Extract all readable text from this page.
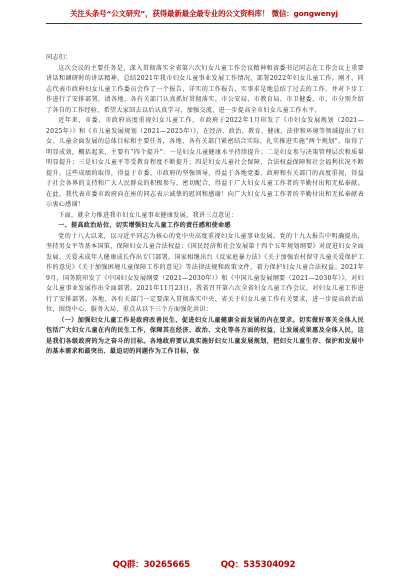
关注头条号“公文研究”，获得最新最全最专业的公文资料库！ 微信：gongwenyj

同志们：

这次会议的主要任务是，深入贯彻落实全省第六次妇女儿童工作会议精神和省委书记同志在工作会议上重要讲话和调研时的讲话精神，总结2021年我市妇女儿童事业发展工作情况，部署2022年妇女儿童工作。刚才，同志代表市政府妇女儿童工作委员会作了一个报告，详实的工作报告，实事求是地总结了过去的工作，并对下步工作进行了安排部署，请各地、各有关部门认真抓好贯彻落实。市公安局、市教育局、市卫健委、市、市分别介绍了各自的工作经验，希望大家回去以后认真学习，加强交流，进一步提高全市妇女儿童工作水平。

近年来，市委、市政府高度重视妇女儿童工作，市政府于2022年1月印发了《市妇女发展规划（2021—2025年）》和《市儿童发展规划（2021—2025年）》，在经济、政治、教育、健康、法律和环境等领域提出了妇女、儿童全面发展的总体目标和主要任务，各地、各有关部门紧密结合实际，扎实推进实施“两个规划”，取得了明显成效，概括起来，主要有“四个提升”：一是妇女儿童健康水平持续提升；二是妇女参与决策管理层次和质量明显提升；三是妇女儿童平等受教育程度不断提升；四是妇女儿童社会保障、合法权益保障和社会福利状况不断提升。这些成绩的取得，得益于市委、市政府的坚强领导，得益于各地党委、政府和有关部门的高度重视，得益于社会各界的支持和广大人民群众的积极参与、密切配合，得益于广大妇女儿童工作者的辛勤付出和无私奉献。在此，我代表市委市政府向在座的同志表示诚挚的慰问和感谢！向广大妇女儿童工作者的辛勤付出和无私奉献表示衷心感谢！

下面，就全力推进我市妇女儿童事业健康发展，我讲三点意见：

一、提高政治站位，切实增强妇女儿童工作的责任感和使命感

党的十八大以来，以习近平同志为核心的党中央高度重视妇女儿童事业发展。党的十九大报告中明确提出，坚持男女平等基本国策，保障妇女儿童合法权益；《国民经济和社会发展第十四个五年规划纲要》对促进妇女全面发展、关爱未成年人健康成长作出专门部署，国家相继出台《反家庭暴力法》《关于加强农村留守儿童关爱保护工作的意见》《关于加强困境儿童保障工作的意见》等法律法规和政策文件，着力保护妇女儿童合法权益。2021年9月，国务院印发了《中国妇女发展纲要（2021—2030年）》和《中国儿童发展纲要（2021—2030年）》，对妇女儿童事业发展作出全面部署。2021年11月23日，我省召开第六次全省妇女儿童工作会议，对妇女儿童工作进行了安排部署。各地、各有关部门一定要深入贯彻落实中央、省关于妇女儿童工作有关要求，进一步提高政治站位，围绕中心、服务大局，重点从以下三个方面强化共识：

（一）加强妇女儿童工作是政府改善民生、促进妇女儿童健康全面发展的内在要求。切实做好事关全体人民包括广大妇女儿童在内的民生工作，保障其在经济、政治、文化等各方面的权益，让发展成果惠及全体人民，这是我们各级政府的为之奋斗的目标。各地政府要认真实施好妇女儿童发展规划，把妇女儿童生存、保护和发展中的基本需求和最突出、最迫切的问题作为工作目标，保

QQ群：30265665	QQ：535304092
